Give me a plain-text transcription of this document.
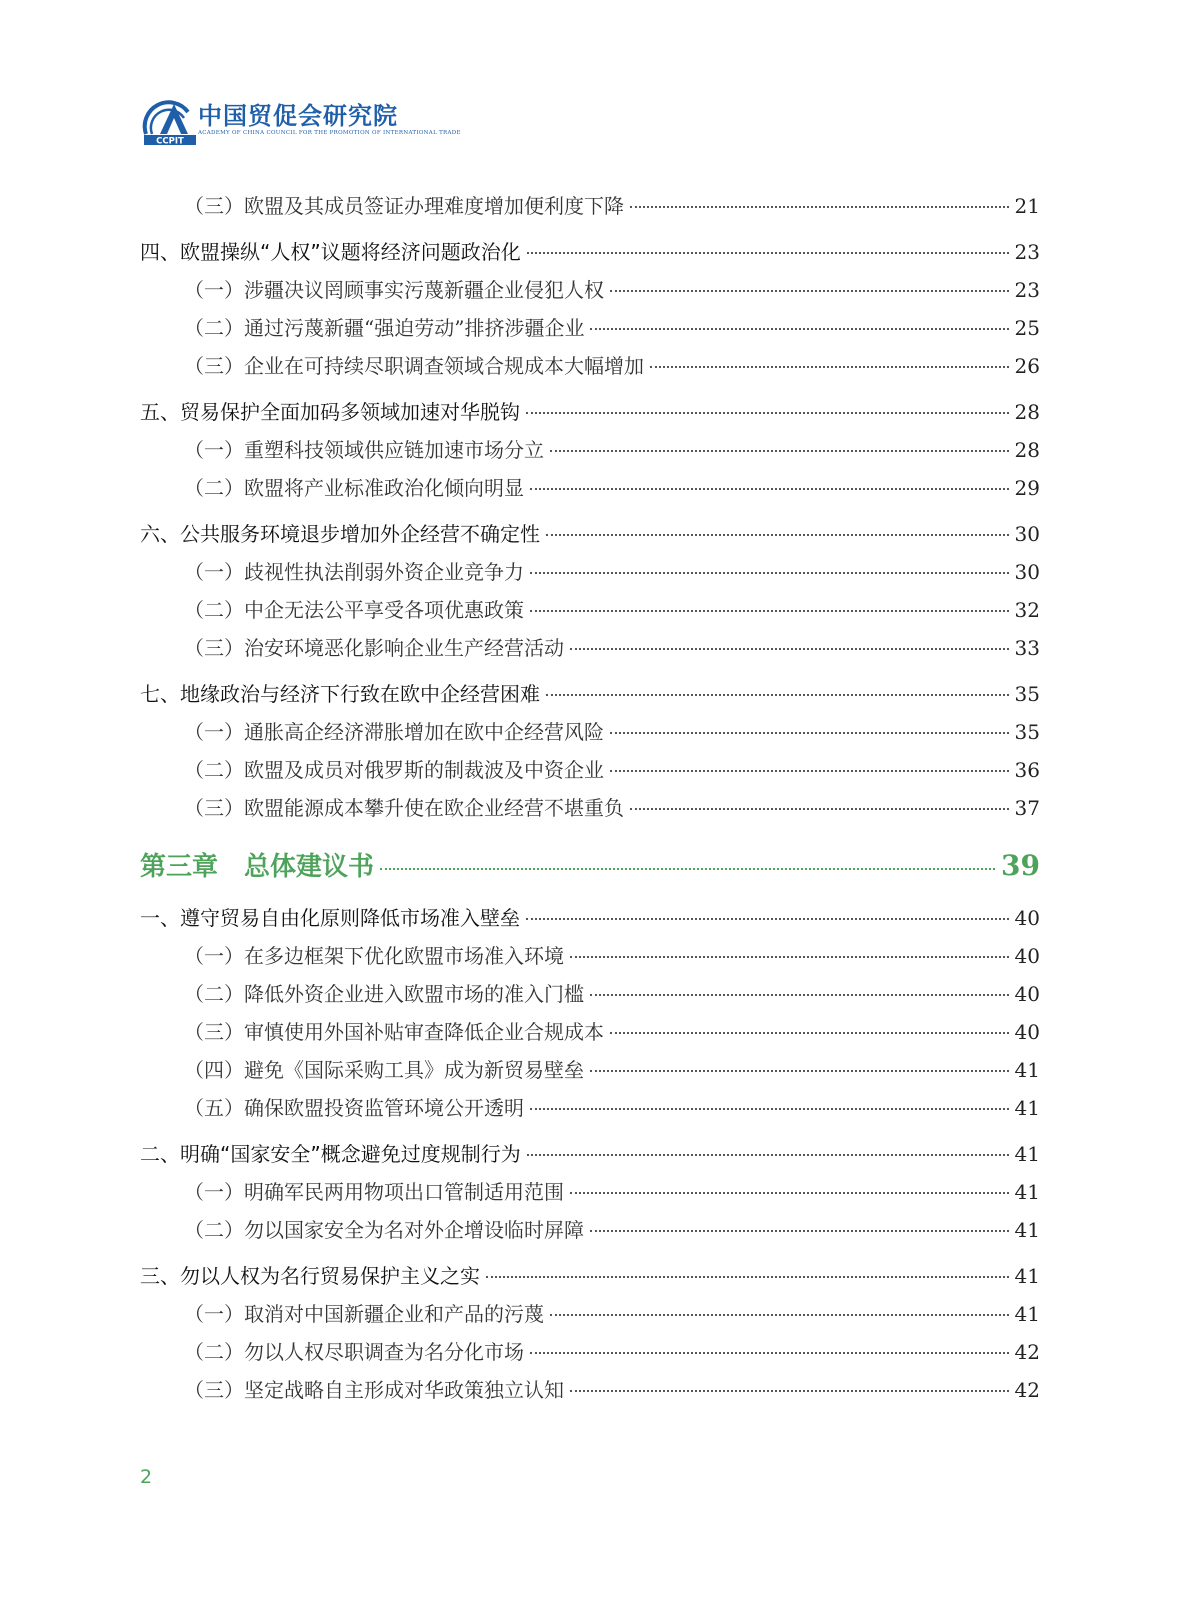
CCPIT
中国贸促会研究院
ACADEMY OF CHINA COUNCIL FOR THE PROMOTION OF INTERNATIONAL TRADE
（三）欧盟及其成员签证办理难度增加便利度下降	21
四、欧盟操纵“人权”议题将经济问题政治化	23
（一）涉疆决议罔顾事实污蔑新疆企业侵犯人权	23
（二）通过污蔑新疆“强迫劳动”排挤涉疆企业	25
（三）企业在可持续尽职调查领域合规成本大幅增加	26
五、贸易保护全面加码多领域加速对华脱钩	28
（一）重塑科技领域供应链加速市场分立	28
（二）欧盟将产业标准政治化倾向明显	29
六、公共服务环境退步增加外企经营不确定性	30
（一）歧视性执法削弱外资企业竞争力	30
（二）中企无法公平享受各项优惠政策	32
（三）治安环境恶化影响企业生产经营活动	33
七、地缘政治与经济下行致在欧中企经营困难	35
（一）通胀高企经济滞胀增加在欧中企经营风险	35
（二）欧盟及成员对俄罗斯的制裁波及中资企业	36
（三）欧盟能源成本攀升使在欧企业经营不堪重负	37
第三章　总体建议书	39
一、遵守贸易自由化原则降低市场准入壁垒	40
（一）在多边框架下优化欧盟市场准入环境	40
（二）降低外资企业进入欧盟市场的准入门槛	40
（三）审慎使用外国补贴审查降低企业合规成本	40
（四）避免《国际采购工具》成为新贸易壁垒	41
（五）确保欧盟投资监管环境公开透明	41
二、明确“国家安全”概念避免过度规制行为	41
（一）明确军民两用物项出口管制适用范围	41
（二）勿以国家安全为名对外企增设临时屏障	41
三、勿以人权为名行贸易保护主义之实	41
（一）取消对中国新疆企业和产品的污蔑	41
（二）勿以人权尽职调查为名分化市场	42
（三）坚定战略自主形成对华政策独立认知	42
2
